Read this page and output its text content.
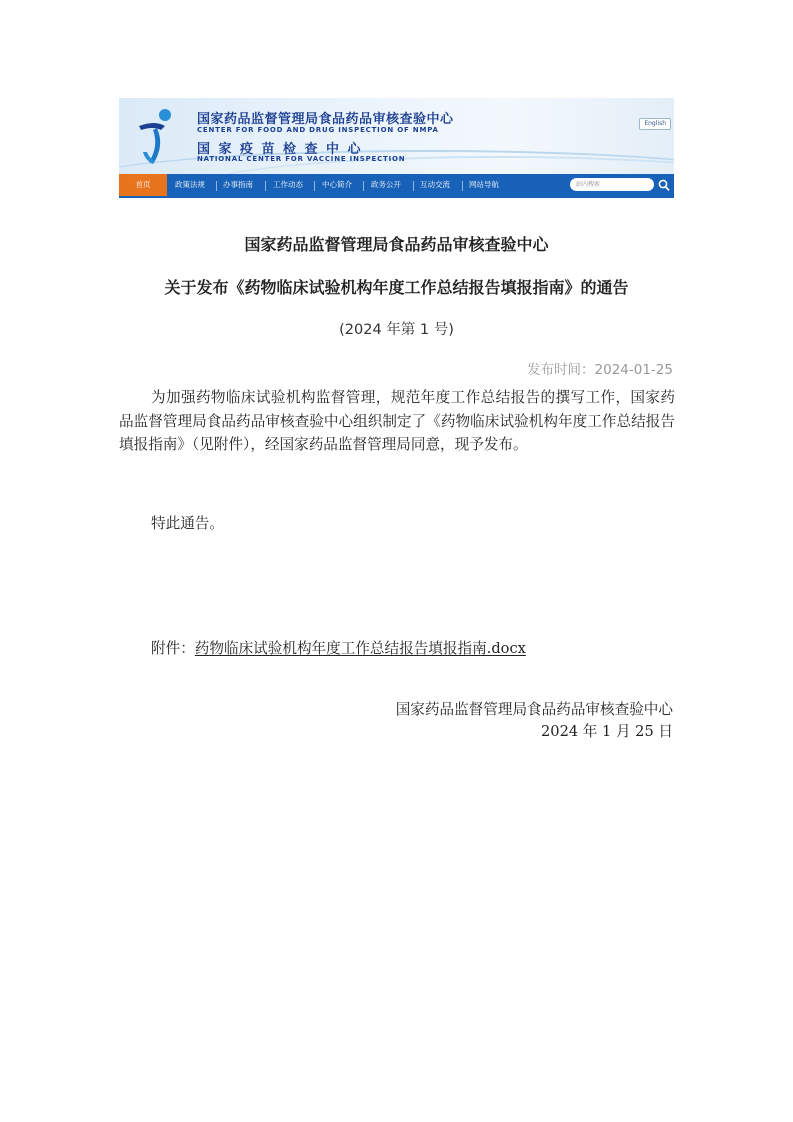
国家药品监督管理局食品药品审核查验中心
CENTER FOR FOOD AND DRUG INSPECTION OF NMPA
国家疫苗检查中心
NATIONAL CENTER FOR VACCINE INSPECTION
English
首页	政策法规 办事指南	工作动态	中心简介	政务公开	互动交流	网站导航	站内搜索
国家药品监督管理局食品药品审核查验中心
关于发布《药物临床试验机构年度工作总结报告填报指南》的通告
(2024 年第 1 号)
发布时间：2024-01-25
为加强药物临床试验机构监督管理，规范年度工作总结报告的撰写工作，国家药品监督管理局食品药品审核查验中心组织制定了《药物临床试验机构年度工作总结报告填报指南》（见附件），经国家药品监督管理局同意，现予发布。
特此通告。
附件：药物临床试验机构年度工作总结报告填报指南.docx
国家药品监督管理局食品药品审核查验中心
2024 年 1 月 25 日
